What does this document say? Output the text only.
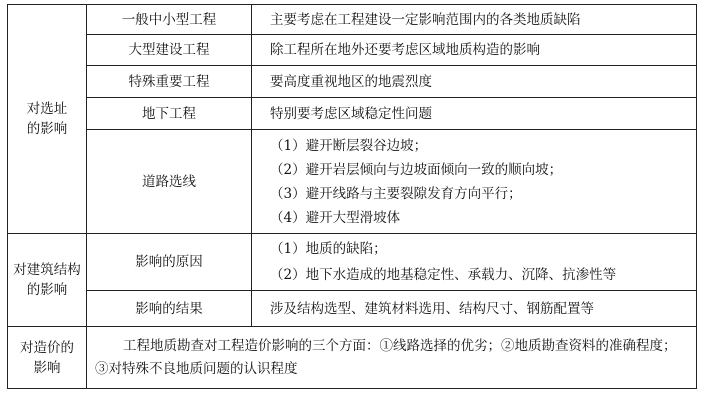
对选址
的影响	一般中小型工程	主要考虑在工程建设一定影响范围内的各类地质缺陷

	大型建设工程	除工程所在地外还要考虑区域地质构造的影响

	特殊重要工程	要高度重视地区的地震烈度

	地下工程	特别要考虑区域稳定性问题

	道路选线	（1）避开断层裂谷边坡；
（2）避开岩层倾向与边坡面倾向一致的顺向坡；
（3）避开线路与主要裂隙发育方向平行；
（4）避开大型滑坡体
对建筑结构
的影响	影响的原因	（1）地质的缺陷；
（2）地下水造成的地基稳定性、承载力、沉降、抗渗性等

	影响的结果	涉及结构选型、建筑材料选用、结构尺寸、钢筋配置等

对造价的
影响	工程地质勘查对工程造价影响的三个方面：①线路选择的优劣；②地质勘查资料的准确程度；③对特殊不良地质问题的认识程度	
